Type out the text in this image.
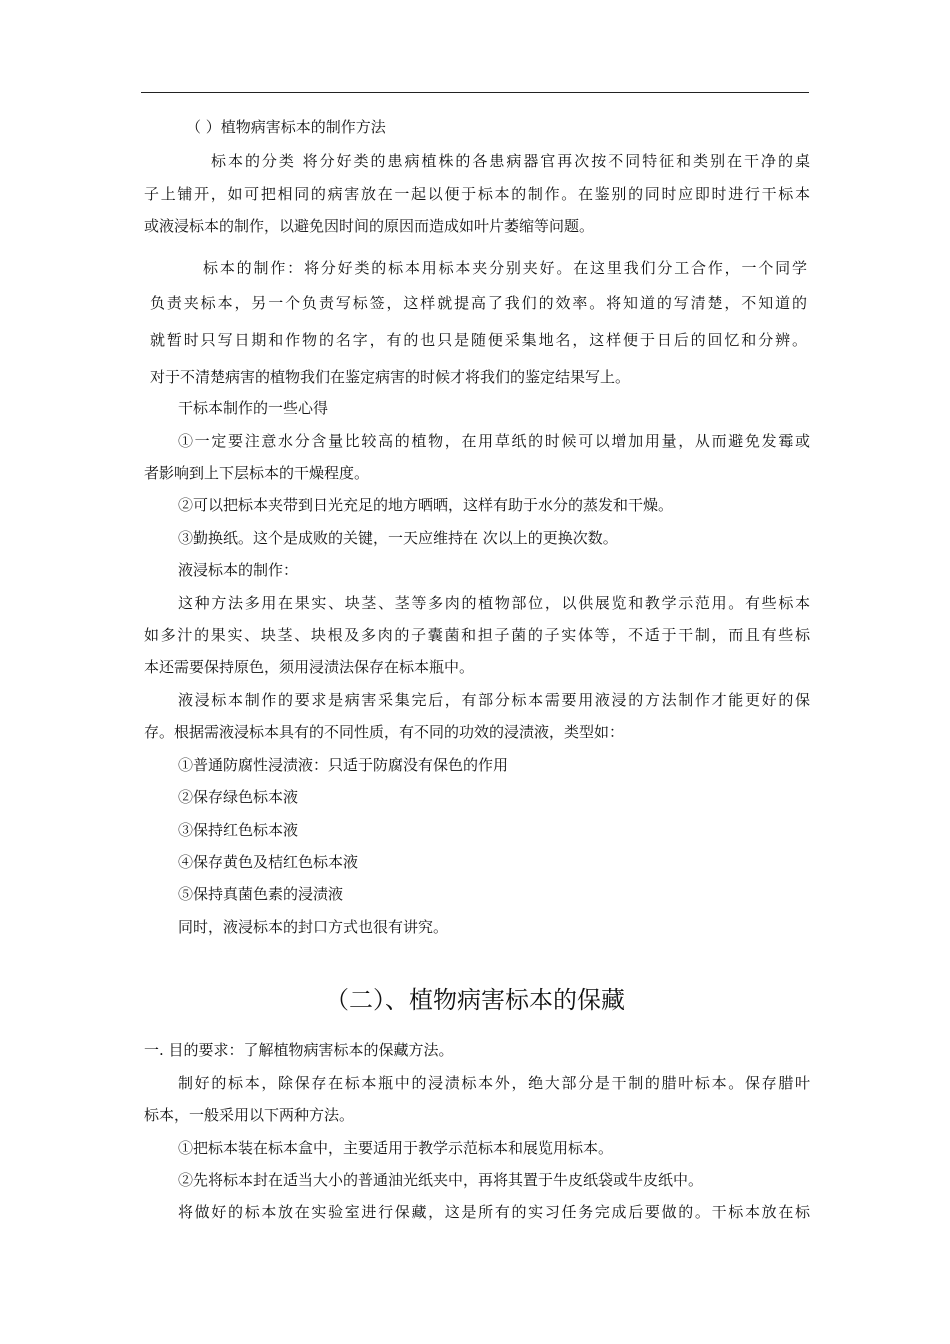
（ ）植物病害标本的制作方法
标本的分类 将分好类的患病植株的各患病器官再次按不同特征和类别在干净的桌
子上铺开，如可把相同的病害放在一起以便于标本的制作。在鉴别的同时应即时进行干标本
或液浸标本的制作，以避免因时间的原因而造成如叶片萎缩等问题。
标本的制作：将分好类的标本用标本夹分别夹好。在这里我们分工合作，一个同学
负责夹标本，另一个负责写标签，这样就提高了我们的效率。将知道的写清楚，不知道的
就暂时只写日期和作物的名字，有的也只是随便采集地名，这样便于日后的回忆和分辨。
对于不清楚病害的植物我们在鉴定病害的时候才将我们的鉴定结果写上。
干标本制作的一些心得
①一定要注意水分含量比较高的植物，在用草纸的时候可以增加用量，从而避免发霉或
者影响到上下层标本的干燥程度。
②可以把标本夹带到日光充足的地方晒晒，这样有助于水分的蒸发和干燥。
③勤换纸。这个是成败的关键，一天应维持在 次以上的更换次数。
液浸标本的制作：
这种方法多用在果实、块茎、茎等多肉的植物部位，以供展览和教学示范用。有些标本
如多汁的果实、块茎、块根及多肉的子囊菌和担子菌的子实体等，不适于干制，而且有些标
本还需要保持原色，须用浸渍法保存在标本瓶中。
液浸标本制作的要求是病害采集完后，有部分标本需要用液浸的方法制作才能更好的保
存。根据需液浸标本具有的不同性质，有不同的功效的浸渍液，类型如：
①普通防腐性浸渍液：只适于防腐没有保色的作用
②保存绿色标本液
③保持红色标本液
④保存黄色及桔红色标本液
⑤保持真菌色素的浸渍液
同时，液浸标本的封口方式也很有讲究。
（二）、植物病害标本的保藏
一. 目的要求：了解植物病害标本的保藏方法。
制好的标本，除保存在标本瓶中的浸渍标本外，绝大部分是干制的腊叶标本。保存腊叶
标本，一般采用以下两种方法。
①把标本装在标本盒中，主要适用于教学示范标本和展览用标本。
②先将标本封在适当大小的普通油光纸夹中，再将其置于牛皮纸袋或牛皮纸中。
将做好的标本放在实验室进行保藏，这是所有的实习任务完成后要做的。干标本放在标
